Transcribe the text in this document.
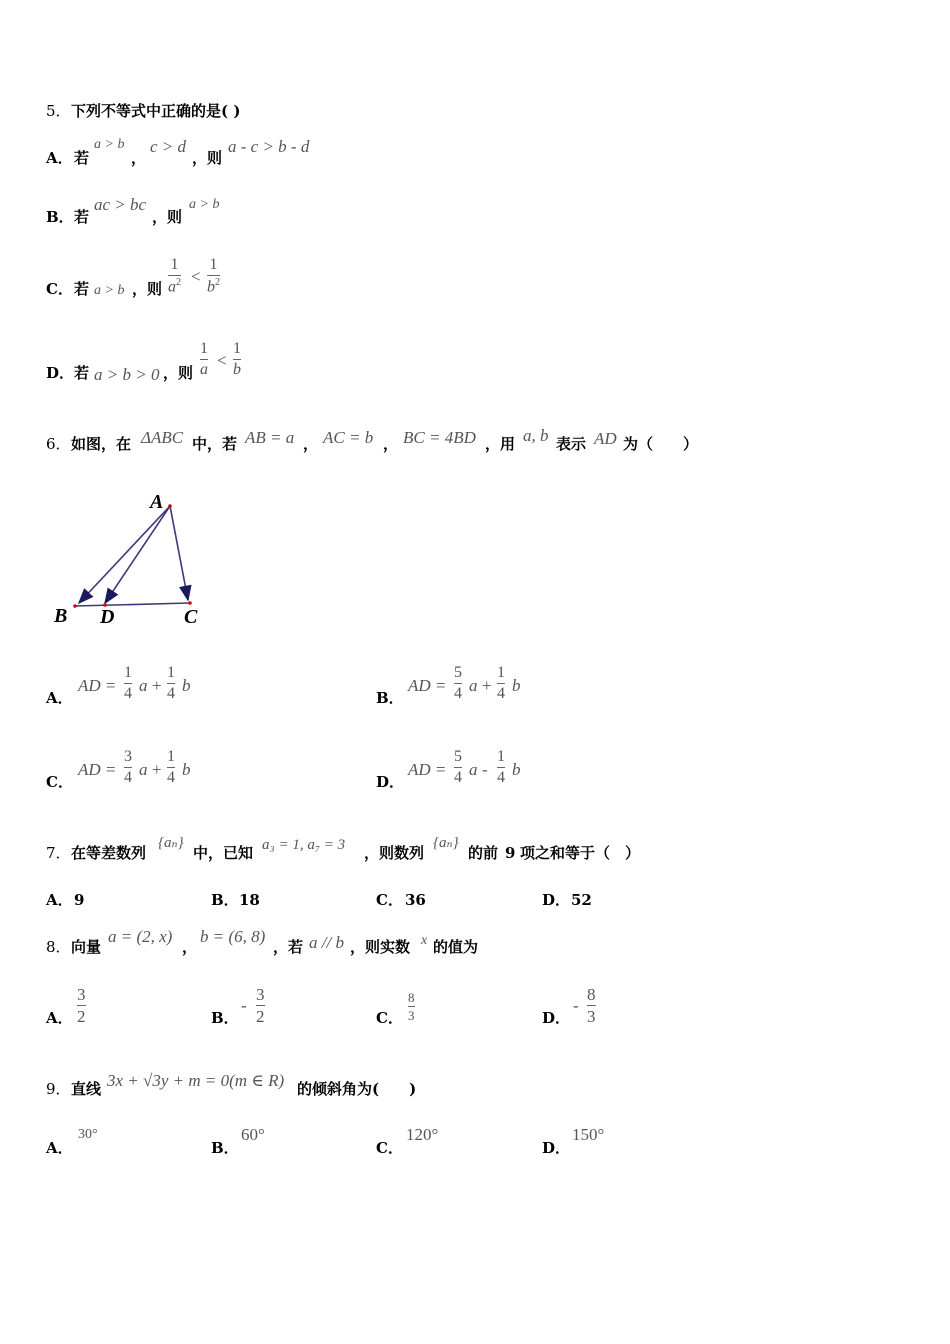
5． 下列不等式中正确的是( )
A． 若
a > b
，
c > d
，则
a - c > b - d
B． 若
ac > bc
，则
a > b
C． 若 a > b ，则
1
$a^2$ <
1
$b^2$
D． 若 a > b > 0 ，则
1
a <
1
b
6． 如图，在 ΔABC 中，若 AB = a ， AC = b ， BC = 4BD ，用 a, b 表示 AD 为（　　）
A
B D	C
A．
AD =
1
4 a +
1
4 b
B．
AD =
5
4 a +
1
4 b
C．
AD =
3
4 a +
1
4 b
D．
AD =
5
4 a -
1
4 b
7． 在等差数列
{aₙ}
中，已知 a₃ = 1, a₇ = 3 ，则数列
{aₙ}
的前 9 项之和等于（　）
A． 9	B． 18	C． 36	D． 52
8． 向量
a = (2, x)
，
b = (6, 8)
，若 a // b ，则实数 x 的值为
A．
3
2	B．
-
3
2	C．
8
3	D．
-
8
3
9． 直线 3x + √3y + m = 0(m ∈ R) 的倾斜角为(　　)
A．
30°
B．
60°
C．
120°
D．
150°
